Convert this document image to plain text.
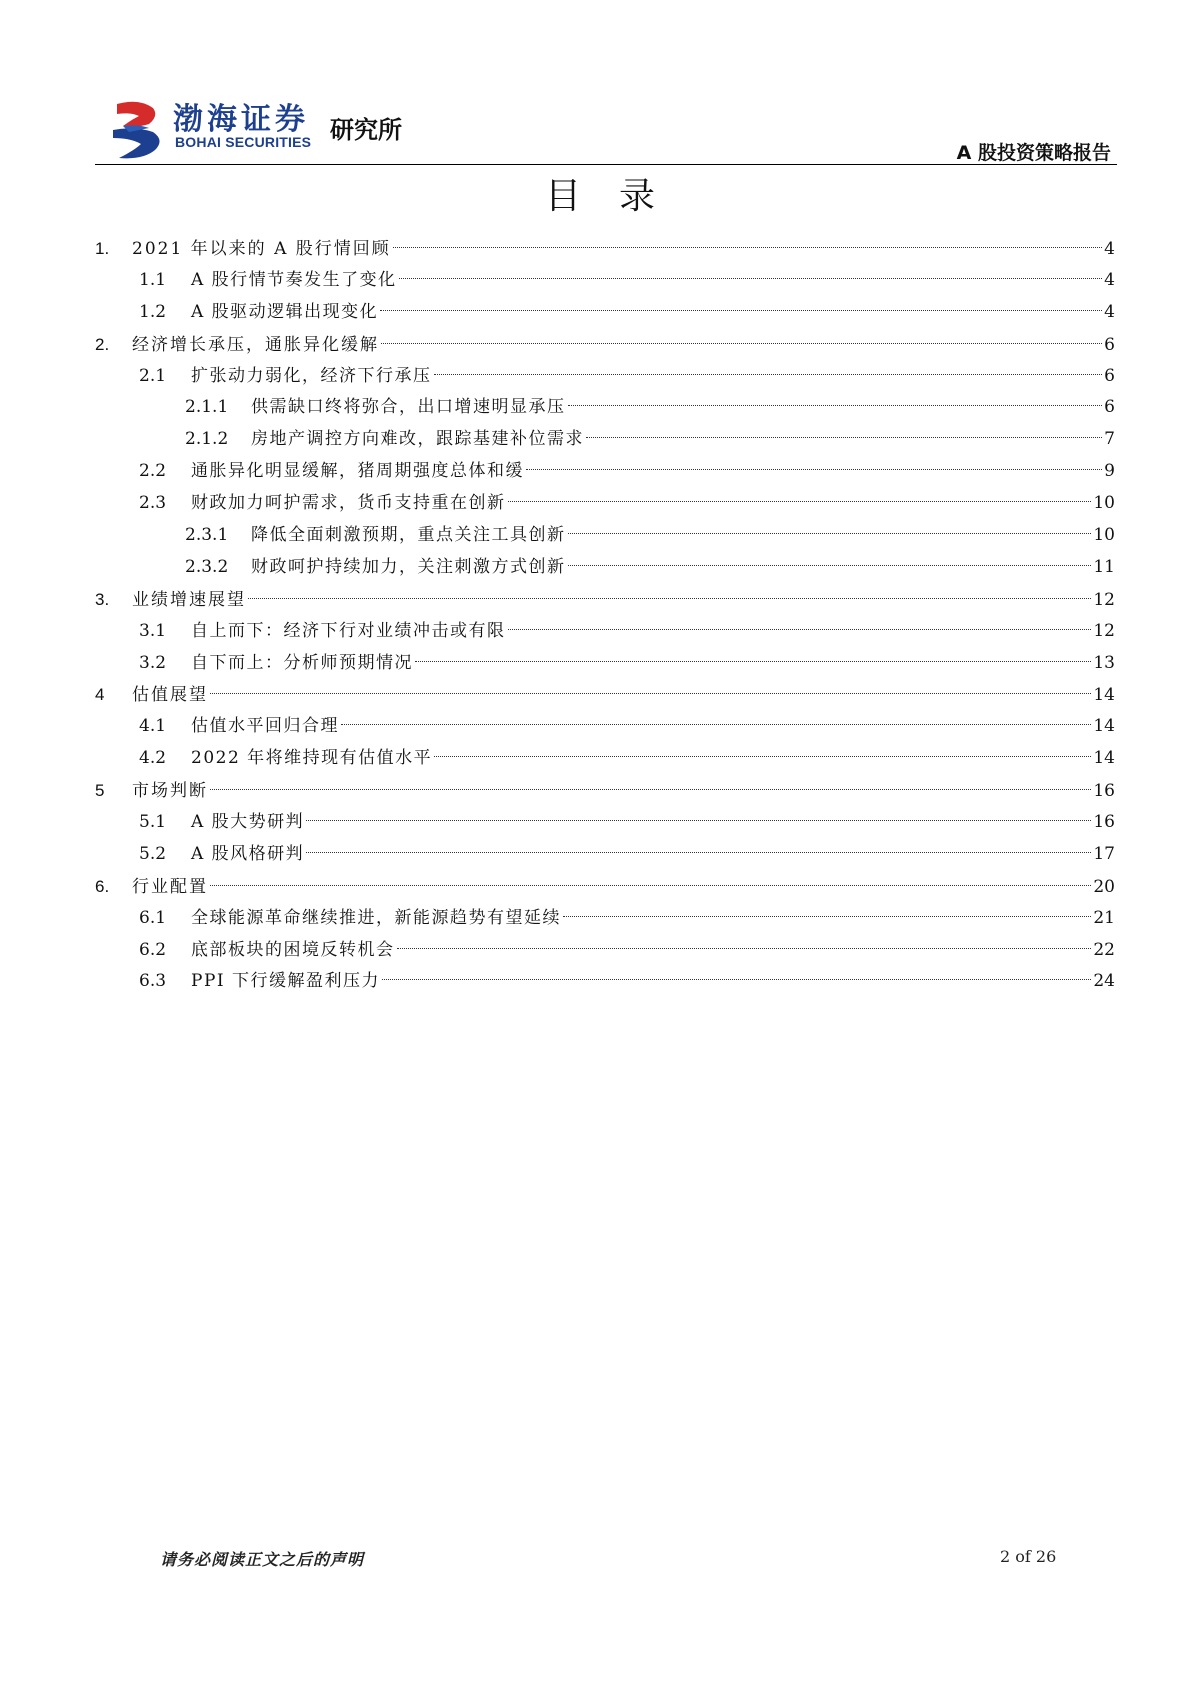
渤海证券
BOHAI SECURITIES 研究所
A 股投资策略报告
目录
1.	2021 年以来的 A 股行情回顾	4
1.1	A 股行情节奏发生了变化	4
1.2	A 股驱动逻辑出现变化	4
2.	经济增长承压，通胀异化缓解	6
2.1	扩张动力弱化，经济下行承压	6
2.1.1	供需缺口终将弥合，出口增速明显承压	6
2.1.2	房地产调控方向难改，跟踪基建补位需求	7
2.2	通胀异化明显缓解，猪周期强度总体和缓	9
2.3	财政加力呵护需求，货币支持重在创新	10
2.3.1	降低全面刺激预期，重点关注工具创新	10
2.3.2	财政呵护持续加力，关注刺激方式创新	11
3.	业绩增速展望	12
3.1	自上而下：经济下行对业绩冲击或有限	12
3.2	自下而上：分析师预期情况	13
4	估值展望	14
4.1	估值水平回归合理	14
4.2	2022 年将维持现有估值水平	14
5	市场判断	16
5.1	A 股大势研判	16
5.2	A 股风格研判	17
6.	行业配置	20
6.1	全球能源革命继续推进，新能源趋势有望延续	21
6.2	底部板块的困境反转机会	22
6.3	PPI 下行缓解盈利压力	24
请务必阅读正文之后的声明	2 of 26
